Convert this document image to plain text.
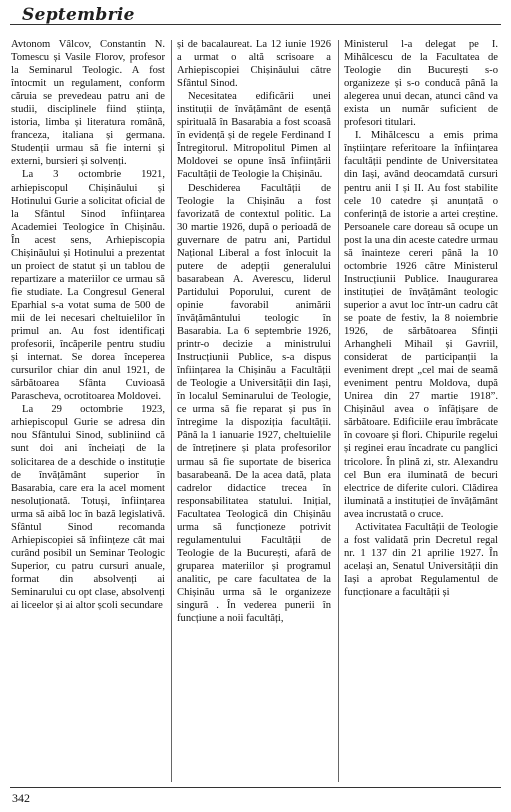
Septembrie

Avtonom Vâlcov, Constantin N. Tomescu și Vasile Florov, profesor la Seminarul Teologic. A fost întocmit un regulament, conform căruia se prevedeau patru ani de studii, disciplinele fiind știința, istoria, limba și literatura română, franceza, italiana și germana. Studenții urmau să fie interni și externi, bursieri și solvenți.

La 3 octombrie 1921, arhiepiscopul Chișinăului și Hotinului Gurie a solicitat oficial de la Sfântul Sinod înființarea Academiei Teologice în Chișinău. În acest sens, Arhiepiscopia Chișinăului și Hotinului a prezentat un proiect de statut și un tablou de repartizare a materiilor ce urmau să fie studiate. La Congresul General Eparhial s-a votat suma de 500 de mii de lei necesari cheltuielilor în primul an. Au fost identificați profesorii, încăperile pentru studiu și internat. Se dorea începerea cursurilor chiar din anul 1921, de sărbătoarea Sfânta Cuvioasă Parascheva, ocrotitoarea Moldovei.

La 29 octombrie 1923, arhiepiscopul Gurie se adresa din nou Sfântului Sinod, subliniind că sunt doi ani încheiați de la solicitarea de a deschide o instituție de învățământ superior în Basarabia, care era la acel moment nesoluționată. Totuși, înființarea urma să aibă loc în bază legislativă. Sfântul Sinod recomanda Arhiepiscopiei să înființeze cât mai curând posibil un Seminar Teologic Superior, cu patru cursuri anuale, format din absolvenți ai Seminarului cu opt clase, absolvenți ai liceelor și ai altor școli secundare

și de bacalaureat. La 12 iunie 1926 a urmat o altă scrisoare a Arhiepiscopiei Chișinăului către Sfântul Sinod.

Necesitatea edificării unei instituții de învățământ de esență spirituală în Basarabia a fost scoasă în evidență și de regele Ferdinand I Întregitorul. Mitropolitul Pimen al Moldovei se opune însă înființării Facultății de Teologie la Chișinău.

Deschiderea Facultății de Teologie la Chișinău a fost favorizată de contextul politic. La 30 martie 1926, după o perioadă de guvernare de patru ani, Partidul Național Liberal a fost înlocuit la putere de adepții generalului basarabean A. Averescu, liderul Partidului Poporului, curent de opinie favorabil animării învățământului teologic în Basarabia. La 6 septembrie 1926, printr-o decizie a ministrului Instrucțiunii Publice, s-a dispus înființarea la Chișinău a Facultății de Teologie a Universității din Iași, în localul Seminarului de Teologie, ce urma să fie reparat și pus în întregime la dispoziția facultății. Până la 1 ianuarie 1927, cheltuielile de întreținere și plata profesorilor urmau să fie suportate de biserica basarabeană. De la acea dată, plata cadrelor didactice trecea în responsabilitatea statului. Inițial, Facultatea Teologică din Chișinău urma să funcționeze potrivit regulamentului Facultății de Teologie de la București, afară de gruparea materiilor și programul analitic, pe care facultatea de la Chișinău urma să le organizeze singură . În vederea punerii în funcțiune a noii facultăți,

Ministerul l-a delegat pe I. Mihălcescu de la Facultatea de Teologie din București s-o organizeze și s-o conducă până la alegerea unui decan, atunci când va exista un număr suficient de profesori titulari.

I. Mihălcescu a emis prima înștiințare referitoare la înființarea facultății pendinte de Universitatea din Iași, având deocamdată cursuri pentru anii I și II. Au fost stabilite cele 10 catedre și anunțată o conferință de istorie a artei creștine. Persoanele care doreau să ocupe un post la una din aceste catedre urmau să înainteze cereri până la 10 octombrie 1926 către Ministerul Instrucțiunii Publice. Inaugurarea instituției de învățământ teologic superior a avut loc într-un cadru cât se poate de festiv, la 8 noiembrie 1926, de sărbătoarea Sfinții Arhangheli Mihail și Gavriil, considerat de participanții la eveniment drept „cel mai de seamă eveniment pentru Moldova, după Unirea din 27 martie 1918”. Chișinăul avea o înfățișare de sărbătoare. Edificiile erau îmbrăcate în covoare și flori. Chipurile regelui și reginei erau încadrate cu panglici tricolore. În plină zi, str. Alexandru cel Bun era iluminată de becuri electrice de diferite culori. Clădirea iluminată a instituției de învățământ avea incrustată o cruce.

Activitatea Facultății de Teologie a fost validată prin Decretul regal nr. 1 137 din 21 aprilie 1927. În același an, Senatul Universității din Iași a aprobat Regulamentul de funcționare a facultății și

342
